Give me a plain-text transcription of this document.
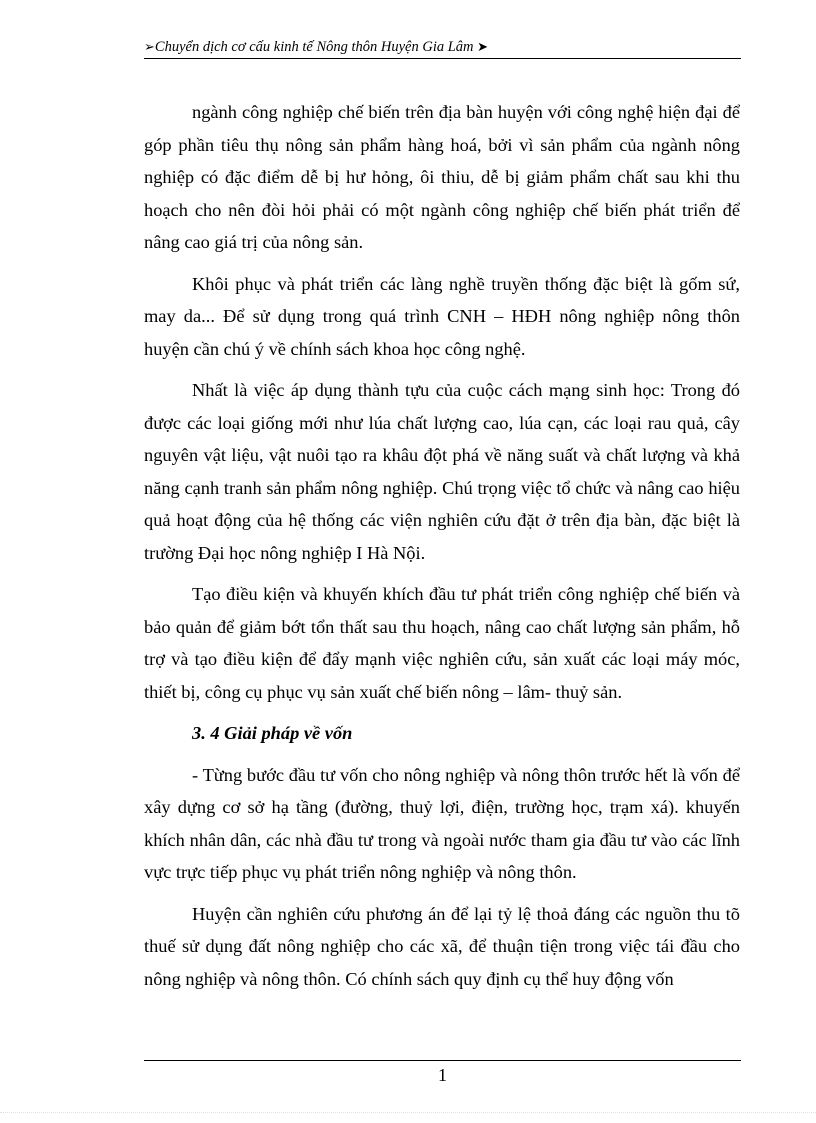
➢Chuyển dịch cơ cấu kinh tế Nông thôn Huyện Gia Lâm ➤

ngành công nghiệp chế biến trên địa bàn huyện với công nghệ hiện đại để góp phần tiêu thụ nông sản phẩm hàng hoá, bởi vì sản phẩm của ngành nông nghiệp có đặc điểm dễ bị hư hỏng, ôi thiu, dễ bị giảm phẩm chất sau khi thu hoạch cho nên đòi hỏi phải có một ngành công nghiệp chế biến phát triển để nâng cao giá trị của nông sản.

Khôi phục và phát triển các làng nghề truyền thống đặc biệt là gốm sứ, may da... Để sử dụng trong quá trình CNH – HĐH nông nghiệp nông thôn huyện cần chú ý về chính sách khoa học công nghệ.

Nhất là việc áp dụng thành tựu của cuộc cách mạng sinh học: Trong đó được các loại giống mới như lúa chất lượng cao, lúa cạn, các loại rau quả, cây nguyên vật liệu, vật nuôi tạo ra khâu đột phá về năng suất và chất lượng và khả năng cạnh tranh sản phẩm nông nghiệp. Chú trọng việc tổ chức và nâng cao hiệu quả hoạt động của hệ thống các viện nghiên cứu đặt ở trên địa bàn, đặc biệt là trường Đại học nông nghiệp I Hà Nội.

Tạo điều kiện và khuyến khích đầu tư phát triển công nghiệp chế biến và bảo quản để giảm bớt tổn thất sau thu hoạch, nâng cao chất lượng sản phẩm, hỗ trợ và tạo điều kiện để đẩy mạnh việc nghiên cứu, sản xuất các loại máy móc, thiết bị, công cụ phục vụ sản xuất chế biến nông – lâm- thuỷ sản.

3. 4 Giải pháp về vốn

- Từng bước đầu tư vốn cho nông nghiệp và nông thôn trước hết là vốn để xây dựng cơ sở hạ tầng (đường, thuỷ lợi, điện, trường học, trạm xá). khuyến khích nhân dân, các nhà đầu tư trong và ngoài nước tham gia đầu tư vào các lĩnh vực trực tiếp phục vụ phát triển nông nghiệp và nông thôn.

Huyện cần nghiên cứu phương án để lại tỷ lệ thoả đáng các nguồn thu tõ thuế sử dụng đất nông nghiệp cho các xã, để thuận tiện trong việc tái đầu cho nông nghiệp và nông thôn. Có chính sách quy định cụ thể huy động vốn

1
